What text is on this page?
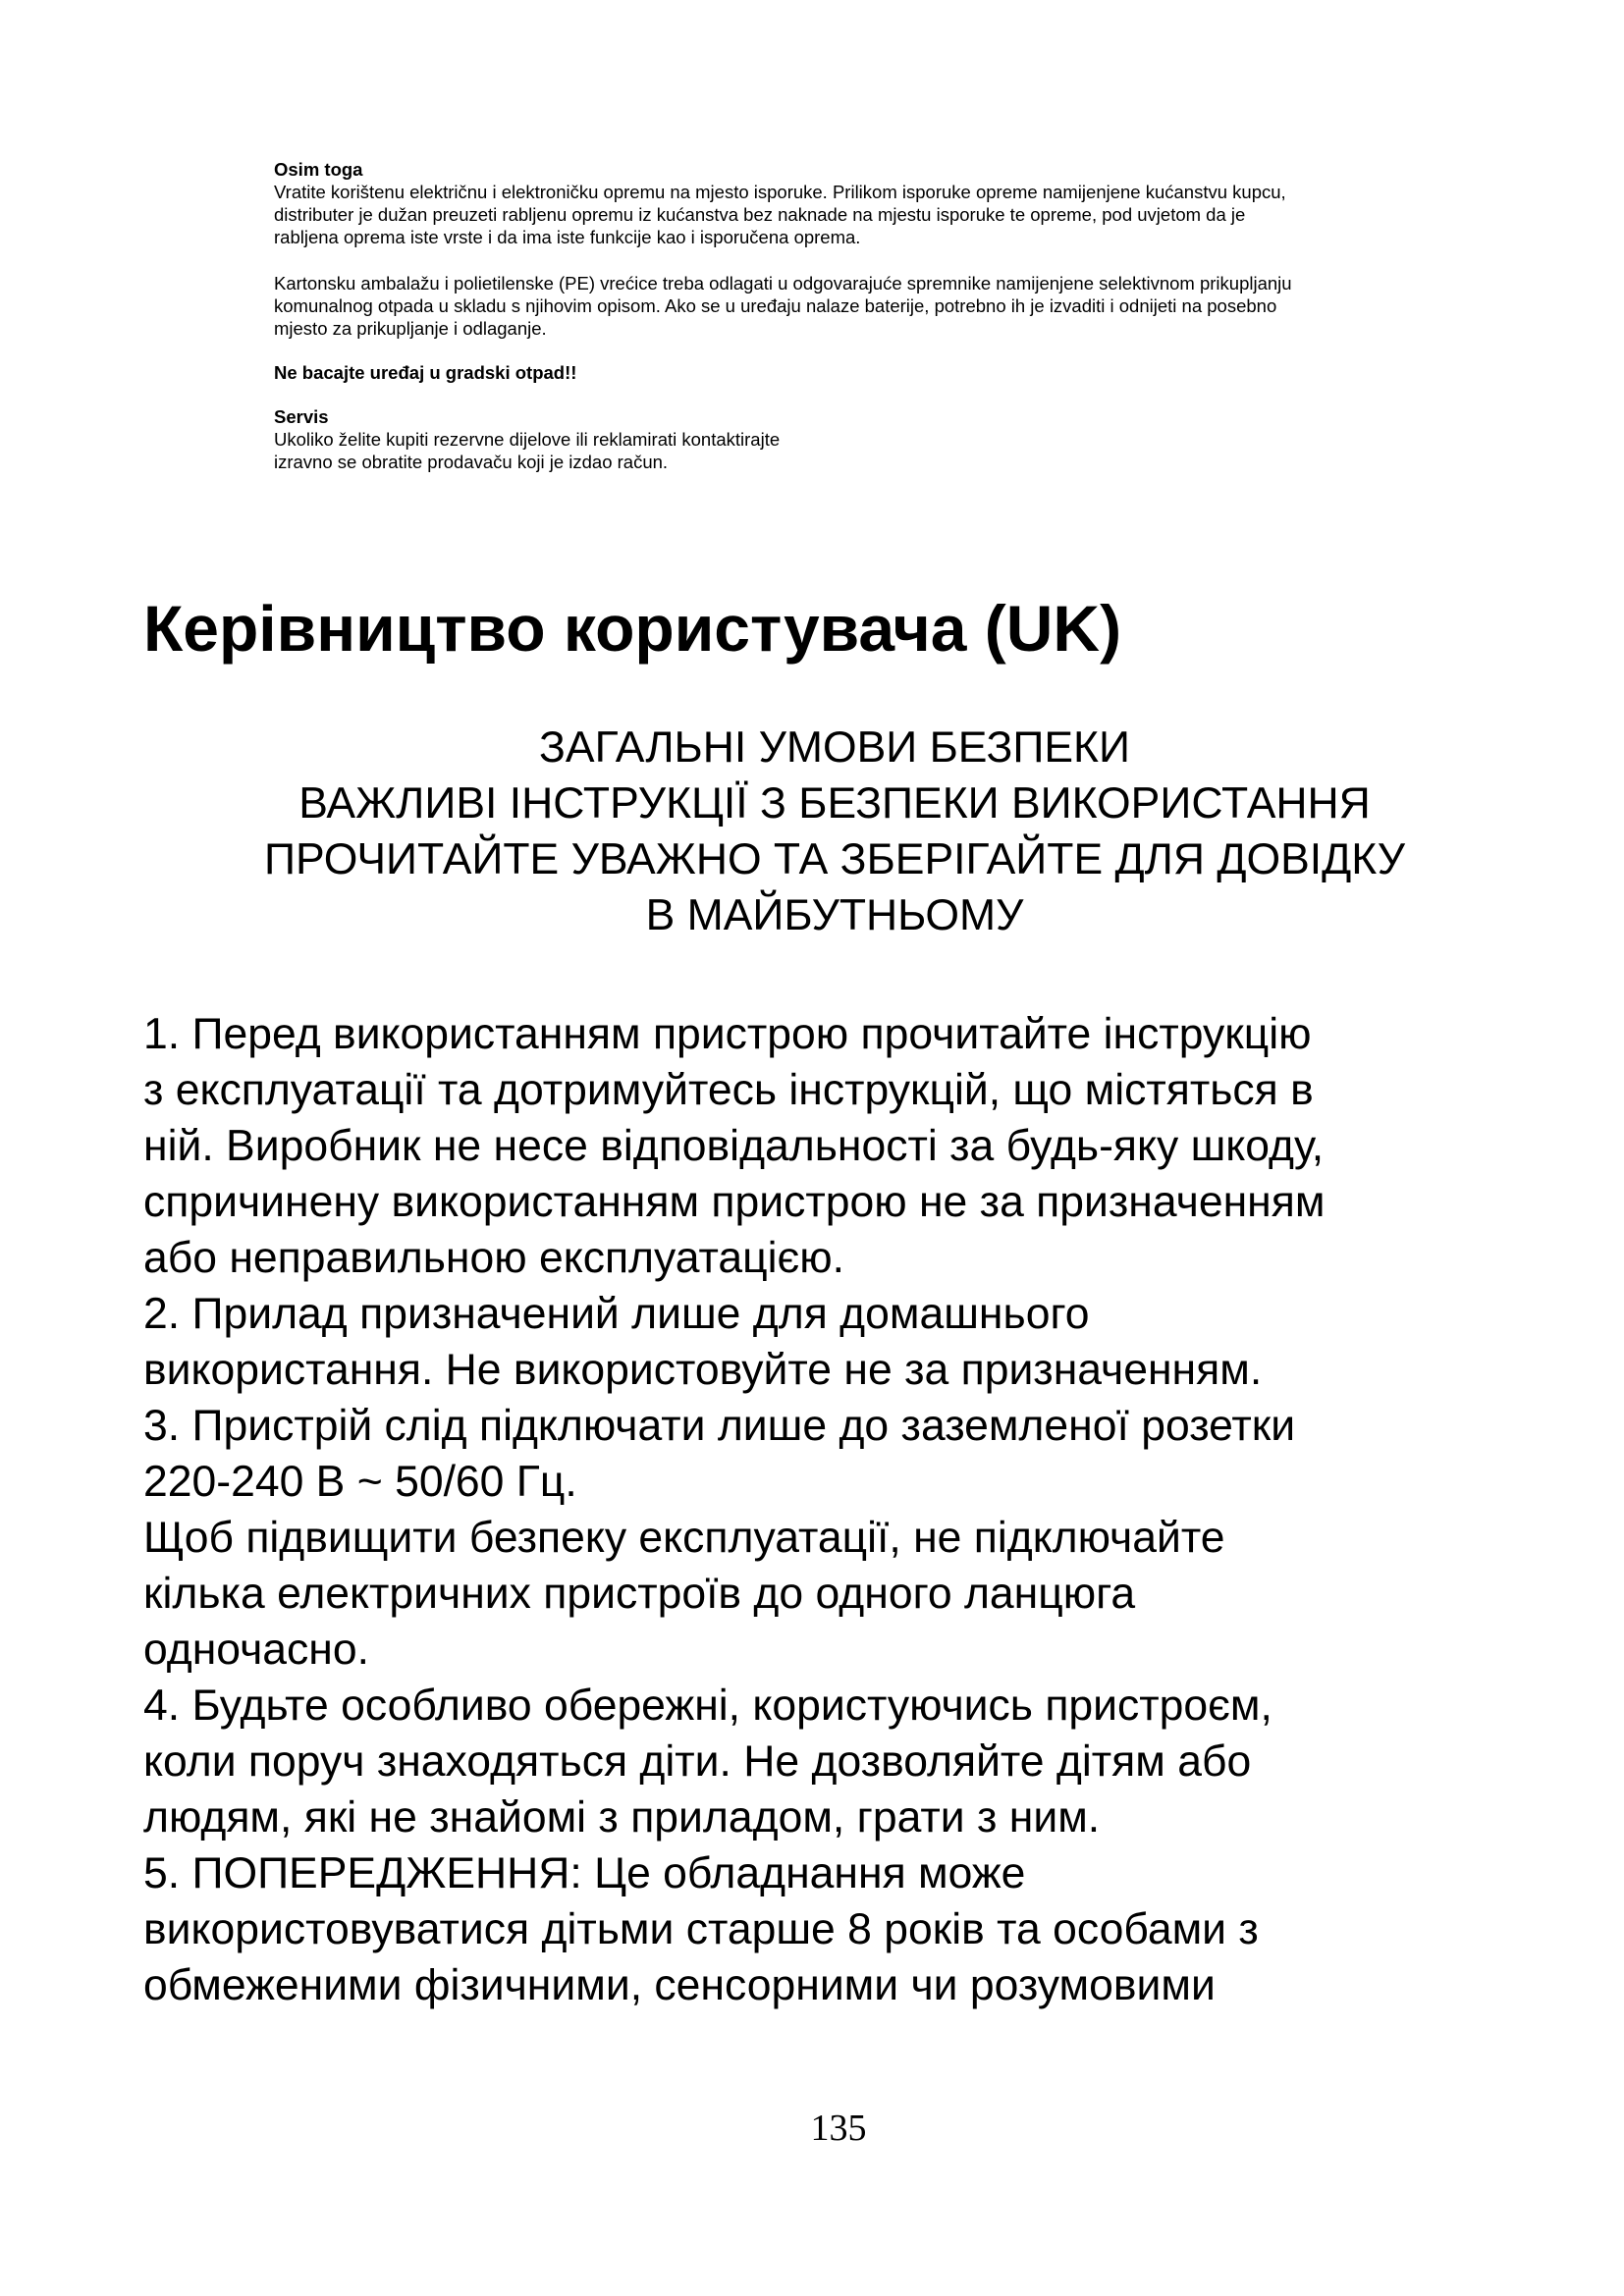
Osim toga

Vratite korištenu električnu i elektroničku opremu na mjesto isporuke. Prilikom isporuke opreme namijenjene kućanstvu kupcu,

distributer je dužan preuzeti rabljenu opremu iz kućanstva bez naknade na mjestu isporuke te opreme, pod uvjetom da je

rabljena oprema iste vrste i da ima iste funkcije kao i isporučena oprema.

Kartonsku ambalažu i polietilenske (PE) vrećice treba odlagati u odgovarajuće spremnike namijenjene selektivnom prikupljanju

komunalnog otpada u skladu s njihovim opisom. Ako se u uređaju nalaze baterije, potrebno ih je izvaditi i odnijeti na posebno

mjesto za prikupljanje i odlaganje.

Ne bacajte uređaj u gradski otpad!!

Servis

Ukoliko želite kupiti rezervne dijelove ili reklamirati kontaktirajte

izravno se obratite prodavaču koji je izdao račun.

Керівництво користувача (UK)
ЗАГАЛЬНІ УМОВИ БЕЗПЕКИ
ВАЖЛИВІ ІНСТРУКЦІЇ З БЕЗПЕКИ ВИКОРИСТАННЯ
ПРОЧИТАЙТЕ УВАЖНО ТА ЗБЕРІГАЙТЕ ДЛЯ ДОВІДКУ
В МАЙБУТНЬОМУ
1. Перед використанням пристрою прочитайте інструкцію
з експлуатації та дотримуйтесь інструкцій, що містяться в
ній. Виробник не несе відповідальності за будь-яку шкоду,
спричинену використанням пристрою не за призначенням
або неправильною експлуатацією.
2. Прилад призначений лише для домашнього
використання. Не використовуйте не за призначенням.
3. Пристрій слід підключати лише до заземленої розетки
220-240 В ~ 50/60 Гц.
Щоб підвищити безпеку експлуатації, не підключайте
кілька електричних пристроїв до одного ланцюга
одночасно.
4. Будьте особливо обережні, користуючись пристроєм,
коли поруч знаходяться діти. Не дозволяйте дітям або
людям, які не знайомі з приладом, грати з ним.
5. ПОПЕРЕДЖЕННЯ: Це обладнання може
використовуватися дітьми старше 8 років та особами з
обмеженими фізичними, сенсорними чи розумовими
135
